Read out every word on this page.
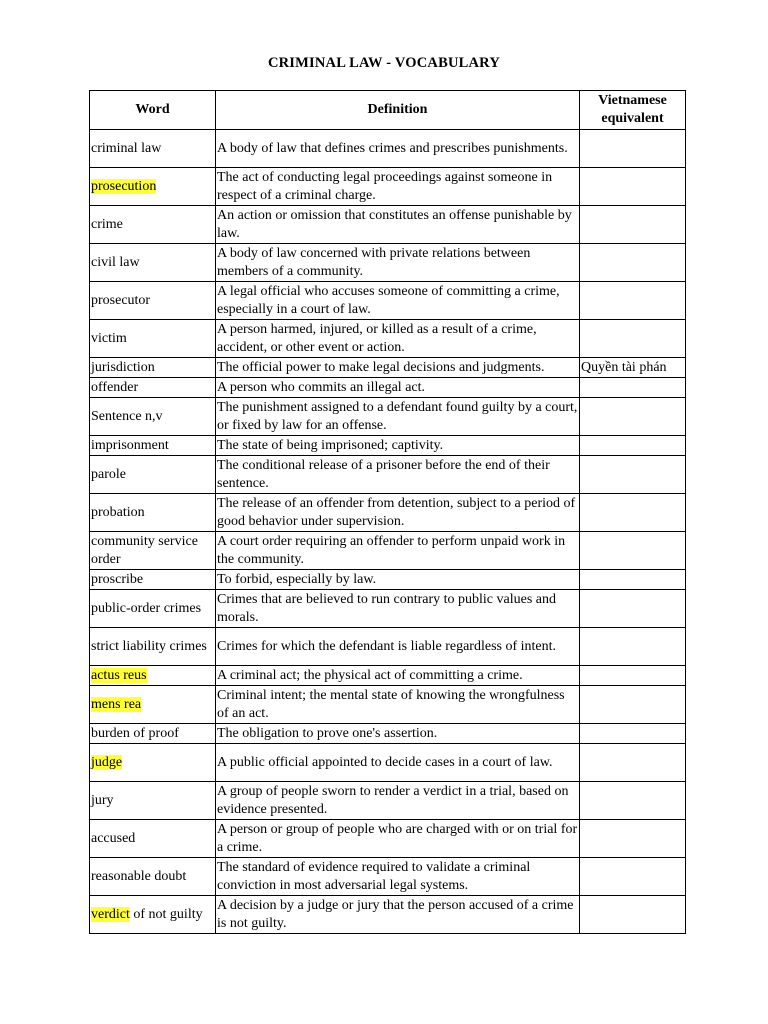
CRIMINAL LAW - VOCABULARY
Word	Definition	Vietnamese equivalent
criminal law	A body of law that defines crimes and prescribes punishments.	
prosecution	The act of conducting legal proceedings against someone in respect of a criminal charge.	
crime	An action or omission that constitutes an offense punishable by law.	
civil law	A body of law concerned with private relations between members of a community.	
prosecutor	A legal official who accuses someone of committing a crime, especially in a court of law.	
victim	A person harmed, injured, or killed as a result of a crime, accident, or other event or action.	
jurisdiction	The official power to make legal decisions and judgments.	Quyền tài phán
offender	A person who commits an illegal act.	
Sentence n,v	The punishment assigned to a defendant found guilty by a court, or fixed by law for an offense.	
imprisonment	The state of being imprisoned; captivity.	
parole	The conditional release of a prisoner before the end of their sentence.	
probation	The release of an offender from detention, subject to a period of good behavior under supervision.	
community service order	A court order requiring an offender to perform unpaid work in the community.	
proscribe	To forbid, especially by law.	
public-order crimes	Crimes that are believed to run contrary to public values and morals.	
strict liability crimes	Crimes for which the defendant is liable regardless of intent.	
actus reus	A criminal act; the physical act of committing a crime.	
mens rea	Criminal intent; the mental state of knowing the wrongfulness of an act.	
burden of proof	The obligation to prove one's assertion.	
judge	A public official appointed to decide cases in a court of law.	
jury	A group of people sworn to render a verdict in a trial, based on evidence presented.	
accused	A person or group of people who are charged with or on trial for a crime.	
reasonable doubt	The standard of evidence required to validate a criminal conviction in most adversarial legal systems.	
verdict of not guilty	A decision by a judge or jury that the person accused of a crime is not guilty.	
